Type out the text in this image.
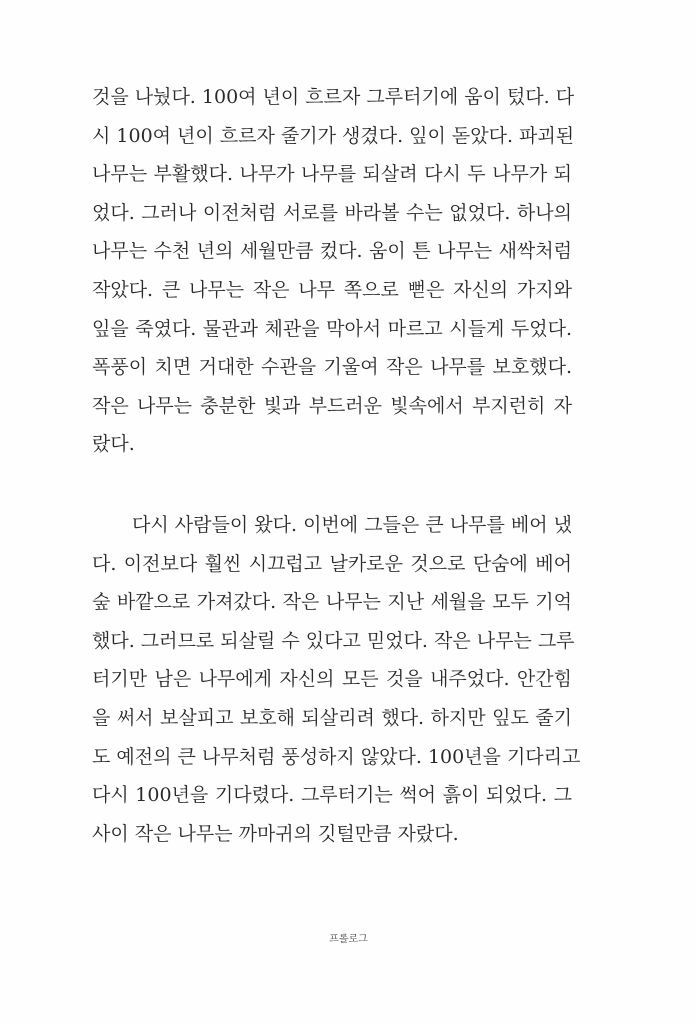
것을 나눴다. 100여 년이 흐르자 그루터기에 움이 텄다. 다
시 100여 년이 흐르자 줄기가 생겼다. 잎이 돋았다. 파괴된
나무는 부활했다. 나무가 나무를 되살려 다시 두 나무가 되
었다. 그러나 이전처럼 서로를 바라볼 수는 없었다. 하나의
나무는 수천 년의 세월만큼 컸다. 움이 튼 나무는 새싹처럼
작았다. 큰 나무는 작은 나무 쪽으로 뻗은 자신의 가지와
잎을 죽였다. 물관과 체관을 막아서 마르고 시들게 두었다.
폭풍이 치면 거대한 수관을 기울여 작은 나무를 보호했다.
작은 나무는 충분한 빛과 부드러운 빛속에서 부지런히 자
랐다.
다시 사람들이 왔다. 이번에 그들은 큰 나무를 베어 냈
다. 이전보다 훨씬 시끄럽고 날카로운 것으로 단숨에 베어
숲 바깥으로 가져갔다. 작은 나무는 지난 세월을 모두 기억
했다. 그러므로 되살릴 수 있다고 믿었다. 작은 나무는 그루
터기만 남은 나무에게 자신의 모든 것을 내주었다. 안간힘
을 써서 보살피고 보호해 되살리려 했다. 하지만 잎도 줄기
도 예전의 큰 나무처럼 풍성하지 않았다. 100년을 기다리고
다시 100년을 기다렸다. 그루터기는 썩어 흙이 되었다. 그
사이 작은 나무는 까마귀의 깃털만큼 자랐다.
프롤로그
